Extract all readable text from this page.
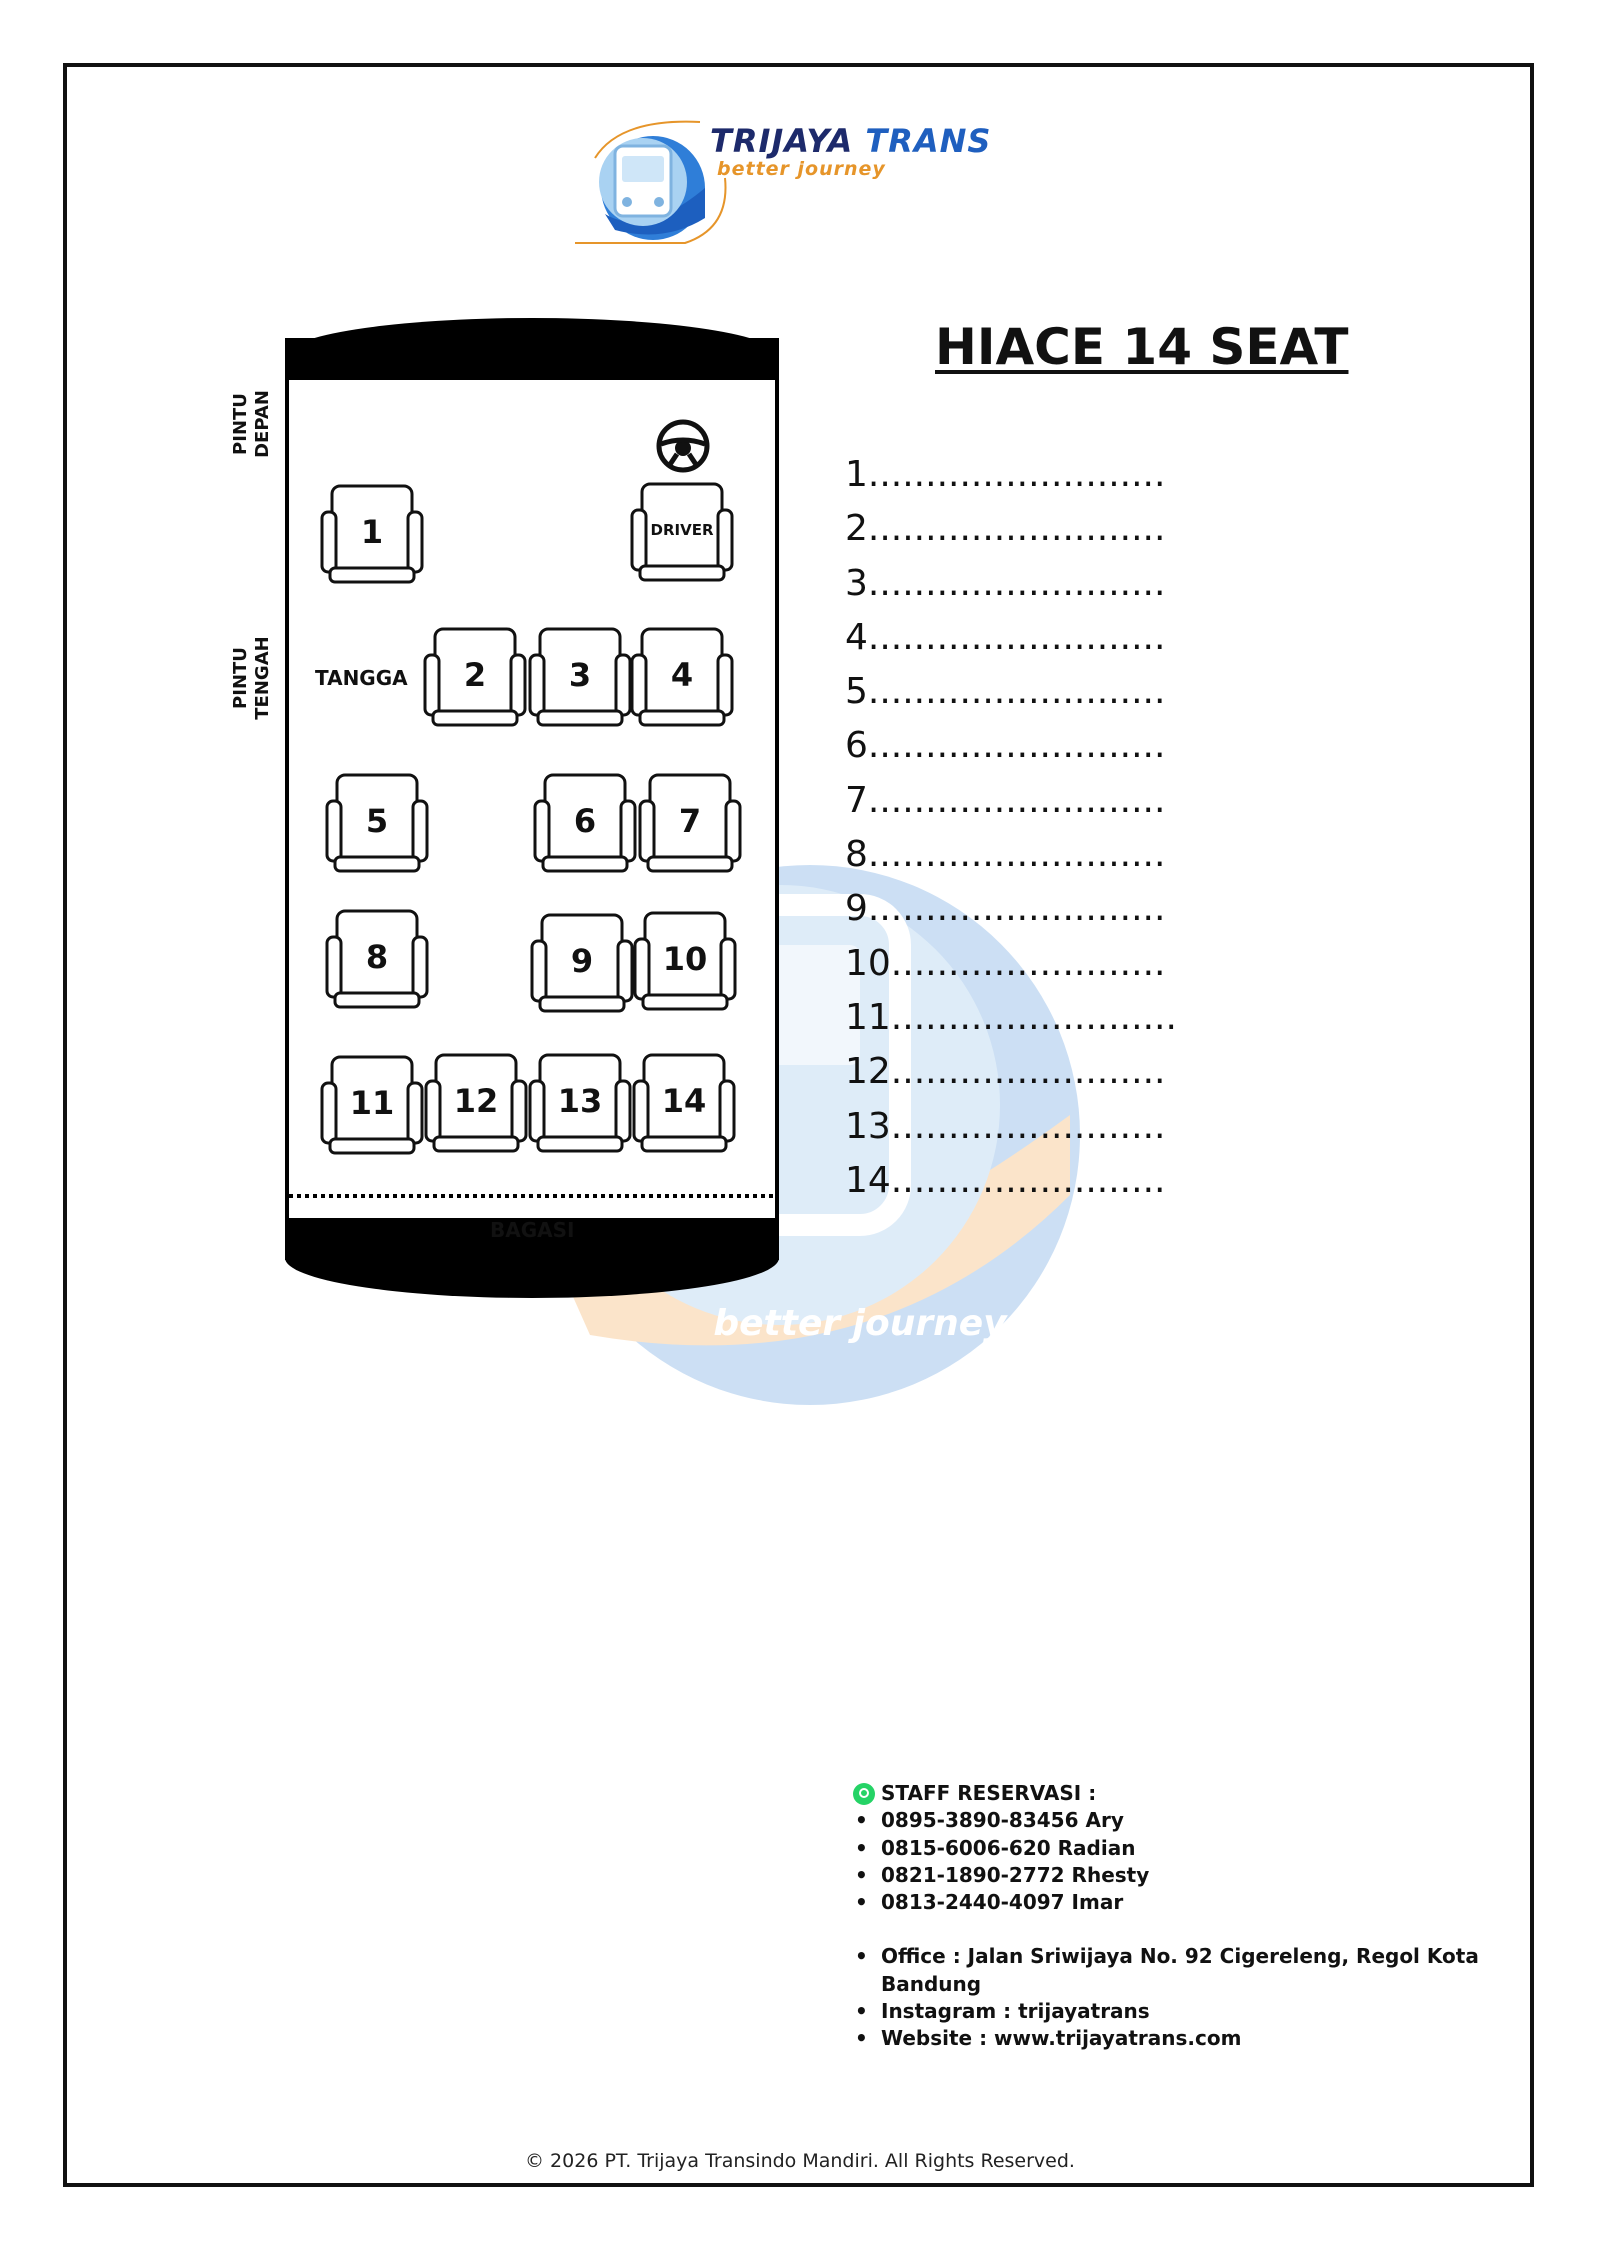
TRIJAYA TRANS
better journey
better journey
HIACE 14 SEAT
PINTU DEPAN
PINTU TENGAH TANGGA
BAGASI
1	DRIVER
2	3	4
5	6	7
8	9	10
11	12	13	14
1..........................
2..........................
3..........................
4..........................
5..........................
6..........................
7..........................
8..........................
9..........................
10........................
11.........................
12........................
13........................
14........................
STAFF RESERVASI :
• 0895-3890-83456 Ary
• 0815-6006-620 Radian
• 0821-1890-2772 Rhesty
• 0813-2440-4097 Imar
• Office : Jalan Sriwijaya No. 92 Cigereleng, Regol Kota Bandung
• Instagram : trijayatrans
• Website : www.trijayatrans.com
© 2026 PT. Trijaya Transindo Mandiri. All Rights Reserved.
